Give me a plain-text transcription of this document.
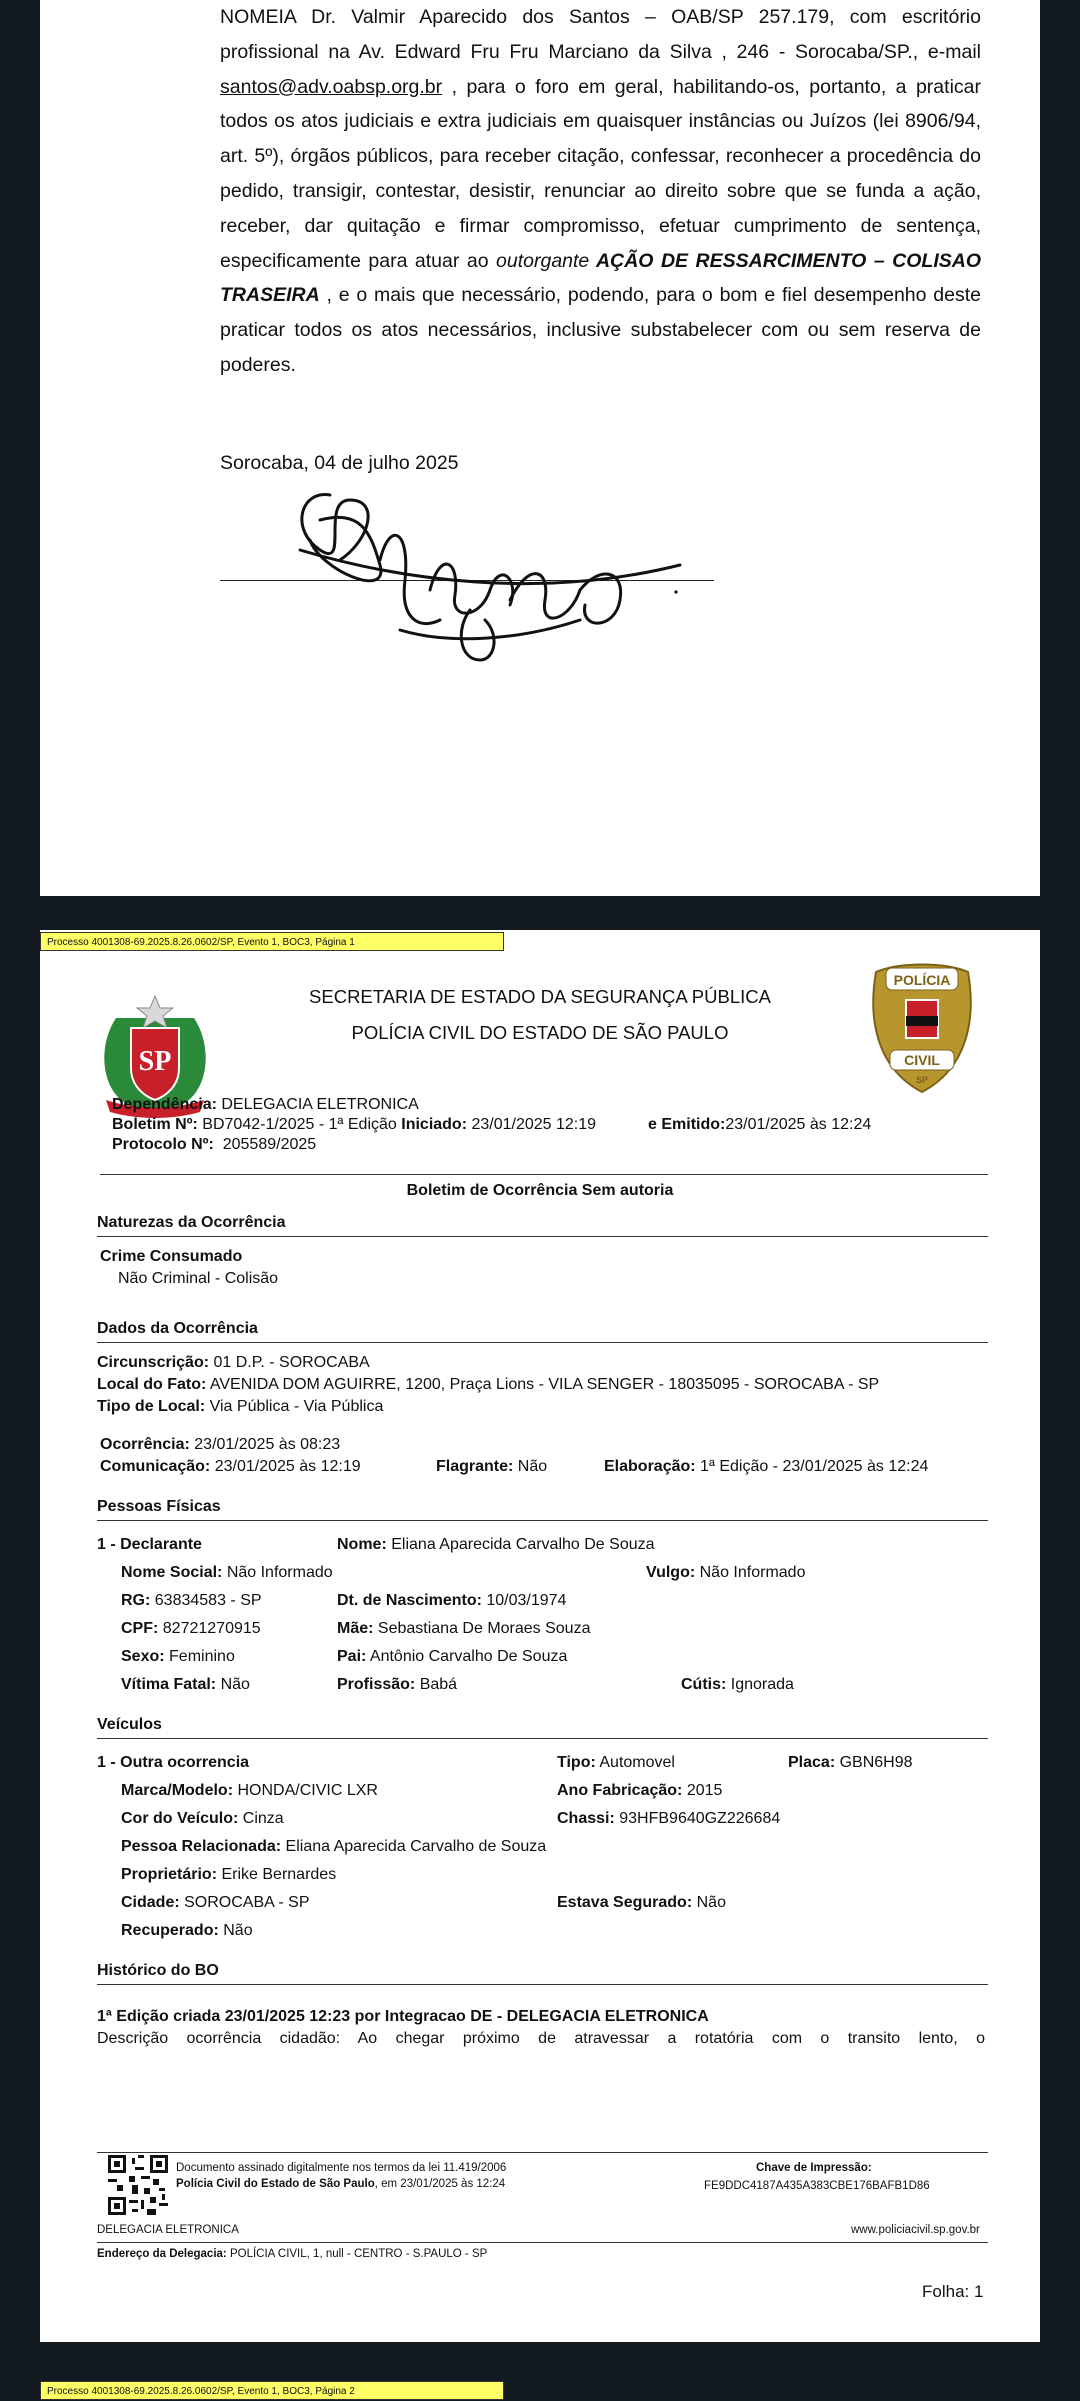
NOMEIA Dr. Valmir Aparecido dos Santos – OAB/SP 257.179, com escritório profissional na Av. Edward Fru Fru Marciano da Silva , 246 - Sorocaba/SP., e-mail santos@adv.oabsp.org.br , para o foro em geral, habilitando-os, portanto, a praticar todos os atos judiciais e extra judiciais em quaisquer instâncias ou Juízos (lei 8906/94, art. 5º), órgãos públicos, para receber citação, confessar, reconhecer a procedência do pedido, transigir, contestar, desistir, renunciar ao direito sobre que se funda a ação, receber, dar quitação e firmar compromisso, efetuar cumprimento de sentença, especificamente para atuar ao outorgante AÇÃO DE RESSARCIMENTO – COLISAO TRASEIRA , e o mais que necessário, podendo, para o bom e fiel desempenho deste praticar todos os atos necessários, inclusive substabelecer com ou sem reserva de poderes.

Sorocaba, 04 de julho 2025
SP
SECRETARIA DE ESTADO DA SEGURANÇA PÚBLICA
POLÍCIA CIVIL DO ESTADO DE SÃO PAULO
POLÍCIA
CIVIL
SP
Dependência: DELEGACIA ELETRONICA
Boletim Nº: BD7042-1/2025 - 1ª Edição Iniciado: 23/01/2025 12:19	e Emitido:23/01/2025 às 12:24
Protocolo Nº: 205589/2025
Boletim de Ocorrência Sem autoria
Naturezas da Ocorrência
Crime Consumado
Não Criminal - Colisão
Dados da Ocorrência
Circunscrição: 01 D.P. - SOROCABA
Local do Fato: AVENIDA DOM AGUIRRE, 1200, Praça Lions - VILA SENGER - 18035095 - SOROCABA - SP
Tipo de Local: Via Pública - Via Pública
Ocorrência: 23/01/2025 às 08:23
Comunicação: 23/01/2025 às 12:19	Flagrante: Não	Elaboração: 1ª Edição - 23/01/2025 às 12:24
Pessoas Físicas
1 - Declarante	Nome: Eliana Aparecida Carvalho De Souza
Nome Social: Não Informado	Vulgo: Não Informado
RG: 63834583 - SP	Dt. de Nascimento: 10/03/1974
CPF: 82721270915	Mãe: Sebastiana De Moraes Souza
Sexo: Feminino	Pai: Antônio Carvalho De Souza
Vítima Fatal: Não	Profissão: Babá	Cútis: Ignorada
Veículos
1 - Outra ocorrencia	Tipo: Automovel	Placa: GBN6H98
Marca/Modelo: HONDA/CIVIC LXR	Ano Fabricação: 2015
Cor do Veículo: Cinza	Chassi: 93HFB9640GZ226684
Pessoa Relacionada: Eliana Aparecida Carvalho de Souza
Proprietário: Erike Bernardes
Cidade: SOROCABA - SP	Estava Segurado: Não
Recuperado: Não
Histórico do BO
1ª Edição criada 23/01/2025 12:23 por Integracao DE - DELEGACIA ELETRONICA
Descrição ocorrência cidadão: Ao chegar próximo de atravessar a rotatória com o transito lento, o
Documento assinado digitalmente nos termos da lei 11.419/2006
Polícia Civil do Estado de São Paulo, em 23/01/2025 às 12:24
Chave de Impressão:
FE9DDC4187A435A383CBE176BAFB1D86
DELEGACIA ELETRONICA	www.policiacivil.sp.gov.br
Endereço da Delegacia: POLÍCIA CIVIL, 1, null - CENTRO - S.PAULO - SP
Folha: 1
Processo 4001308-69.2025.8.26.0602/SP, Evento 1, BOC3, Página 1
Processo 4001308-69.2025.8.26.0602/SP, Evento 1, BOC3, Página 2
